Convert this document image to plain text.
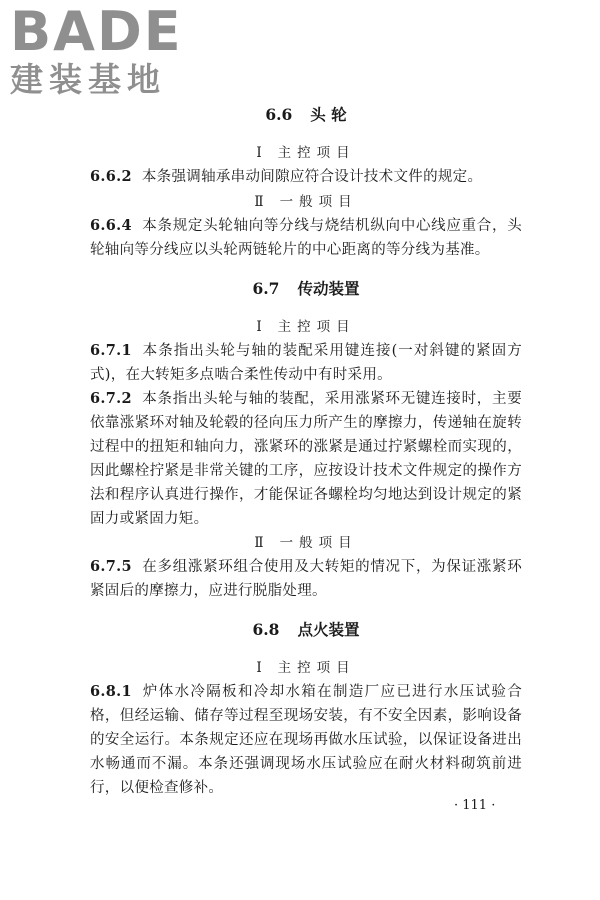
BADE
建装基地
6.6 头 轮
Ⅰ 主控项目

6.6.2 本条强调轴承串动间隙应符合设计技术文件的规定。

Ⅱ 一般项目

6.6.4 本条规定头轮轴向等分线与烧结机纵向中心线应重合，头轮轴向等分线应以头轮两链轮片的中心距离的等分线为基准。

6.7 传动装置
Ⅰ 主控项目

6.7.1 本条指出头轮与轴的装配采用键连接(一对斜键的紧固方式)，在大转矩多点啮合柔性传动中有时采用。

6.7.2 本条指出头轮与轴的装配，采用涨紧环无键连接时，主要依靠涨紧环对轴及轮毂的径向压力所产生的摩擦力，传递轴在旋转过程中的扭矩和轴向力，涨紧环的涨紧是通过拧紧螺栓而实现的，因此螺栓拧紧是非常关键的工序，应按设计技术文件规定的操作方法和程序认真进行操作，才能保证各螺栓均匀地达到设计规定的紧固力或紧固力矩。

Ⅱ 一般项目

6.7.5 在多组涨紧环组合使用及大转矩的情况下，为保证涨紧环紧固后的摩擦力，应进行脱脂处理。

6.8 点火装置
Ⅰ 主控项目

6.8.1 炉体水冷隔板和冷却水箱在制造厂应已进行水压试验合格，但经运输、储存等过程至现场安装，有不安全因素，影响设备的安全运行。本条规定还应在现场再做水压试验，以保证设备进出水畅通而不漏。本条还强调现场水压试验应在耐火材料砌筑前进行，以便检查修补。

· 111 ·
